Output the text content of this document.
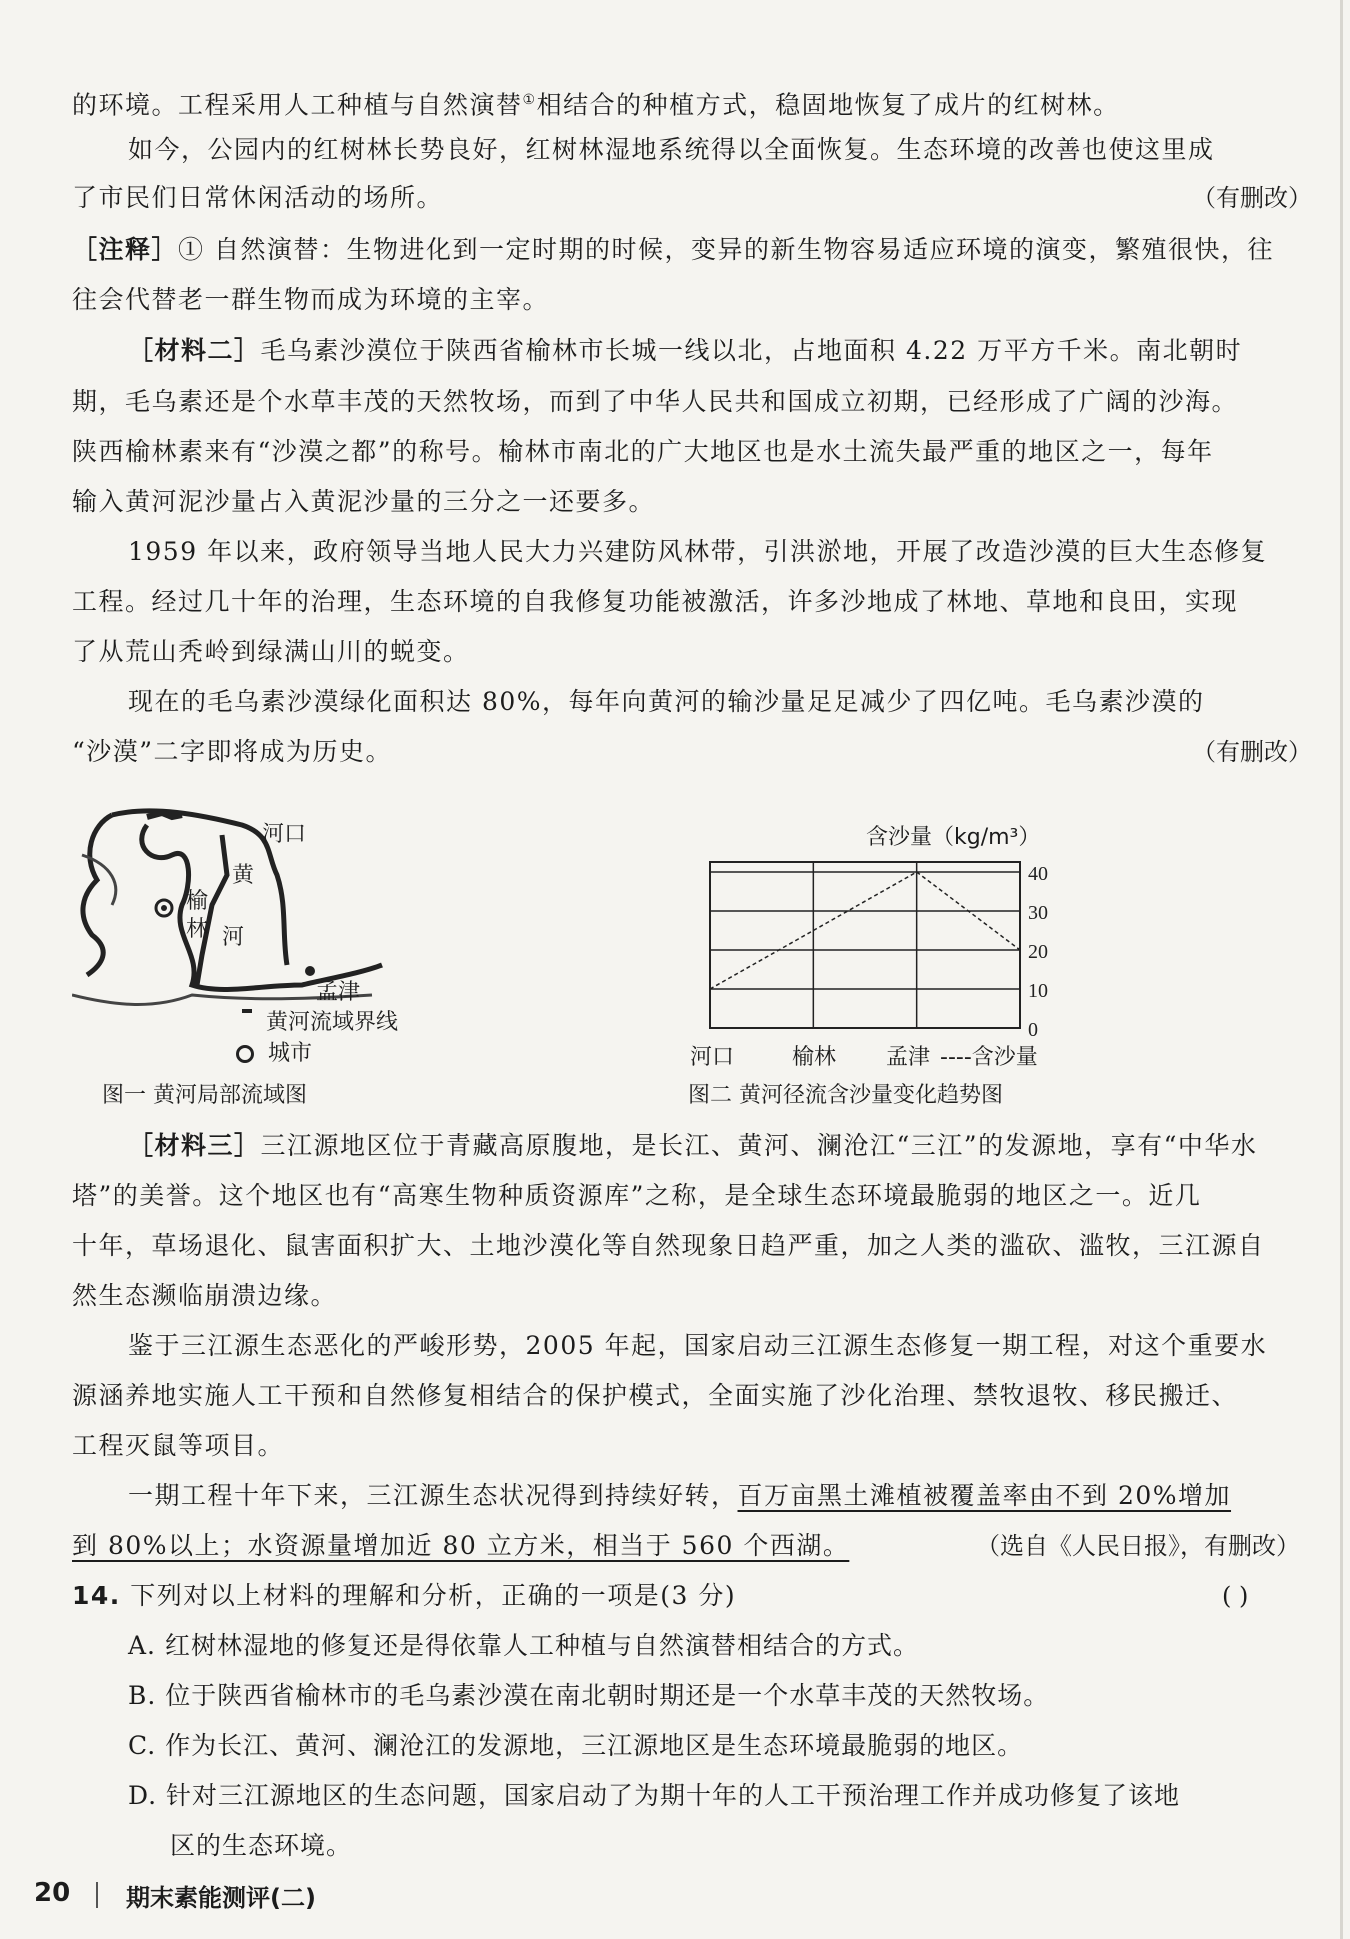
的环境。工程采用人工种植与自然演替①相结合的种植方式，稳固地恢复了成片的红树林。
如今，公园内的红树林长势良好，红树林湿地系统得以全面恢复。生态环境的改善也使这里成
了市民们日常休闲活动的场所。	（有删改）
［注释］① 自然演替：生物进化到一定时期的时候，变异的新生物容易适应环境的演变，繁殖很快，往
往会代替老一群生物而成为环境的主宰。
［材料二］毛乌素沙漠位于陕西省榆林市长城一线以北，占地面积 4.22 万平方千米。南北朝时
期，毛乌素还是个水草丰茂的天然牧场，而到了中华人民共和国成立初期，已经形成了广阔的沙海。
陕西榆林素来有“沙漠之都”的称号。榆林市南北的广大地区也是水土流失最严重的地区之一，每年
输入黄河泥沙量占入黄泥沙量的三分之一还要多。
1959 年以来，政府领导当地人民大力兴建防风林带，引洪淤地，开展了改造沙漠的巨大生态修复
工程。经过几十年的治理，生态环境的自我修复功能被激活，许多沙地成了林地、草地和良田，实现
了从荒山秃岭到绿满山川的蜕变。
现在的毛乌素沙漠绿化面积达 80%，每年向黄河的输沙量足足减少了四亿吨。毛乌素沙漠的
“沙漠”二字即将成为历史。	（有删改）
河口
黄
河
榆
林
孟津
黄河流域界线
城市
图一 黄河局部流域图
含沙量（kg/m³）
0
10
20
30
40
河口	榆林 孟津 ----含沙量
图二 黄河径流含沙量变化趋势图
［材料三］三江源地区位于青藏高原腹地，是长江、黄河、澜沧江“三江”的发源地，享有“中华水
塔”的美誉。这个地区也有“高寒生物种质资源库”之称，是全球生态环境最脆弱的地区之一。近几
十年，草场退化、鼠害面积扩大、土地沙漠化等自然现象日趋严重，加之人类的滥砍、滥牧，三江源自
然生态濒临崩溃边缘。
鉴于三江源生态恶化的严峻形势，2005 年起，国家启动三江源生态修复一期工程，对这个重要水
源涵养地实施人工干预和自然修复相结合的保护模式，全面实施了沙化治理、禁牧退牧、移民搬迁、
工程灭鼠等项目。
一期工程十年下来，三江源生态状况得到持续好转，百万亩黑土滩植被覆盖率由不到 20%增加
到 80%以上；水资源量增加近 80 立方米，相当于 560 个西湖。	（选自《人民日报》，有删改）
14. 下列对以上材料的理解和分析，正确的一项是(3 分)	( )
A. 红树林湿地的修复还是得依靠人工种植与自然演替相结合的方式。
B. 位于陕西省榆林市的毛乌素沙漠在南北朝时期还是一个水草丰茂的天然牧场。
C. 作为长江、黄河、澜沧江的发源地，三江源地区是生态环境最脆弱的地区。
D. 针对三江源地区的生态问题，国家启动了为期十年的人工干预治理工作并成功修复了该地
区的生态环境。
20 期末素能测评(二)
